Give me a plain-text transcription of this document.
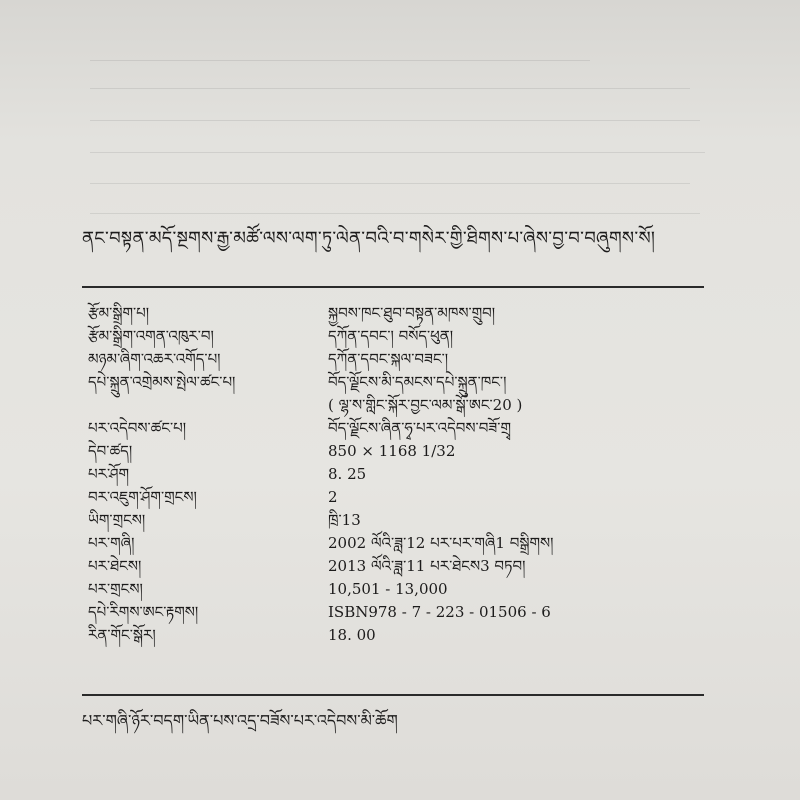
ནང་བསྟན་མདོ་སྔགས་རྒྱ་མཚོ་ལས་ལག་ཏུ་ལེན་བའི་བ་གསེར་གྱི་ཐིགས་པ་ཞེས་བྱ་བ་བཞུགས་སོ།
རྩོམ་སྒྲིག་པ།	སྐྱབས་ཁང་ཐུབ་བསྟན་མཁས་གྲུབ།
རྩོམ་སྒྲིག་འགན་འཁུར་བ།	དཀོན་དབང་། བསོད་ཕུན།
མཉམ་ཞིག་འཆར་འགོད་པ།	དཀོན་དབང་སྐལ་བཟང་།
དཔེ་སྐྲུན་འགྲེམས་སྤེལ་ཚང་པ།	བོད་ལྗོངས་མི་དམངས་དཔེ་སྐྲུན་ཁང་།
( ལྷ་ས་གླིང་སྐོར་བྱང་ལམ་སྒོ་ཨང་20 )
པར་འདེབས་ཚང་པ།	བོད་ལྗོངས་ཞིན་ཧྭ་པར་འདེབས་བཟོ་གྲྭ
དེབ་ཚད།	850 × 1168 1/32
པར་ཤོག	8. 25
བར་འཇུག་ཤོག་གྲངས།	2
ཡིག་གྲངས།	ཁྲི་13
པར་གཞི།	2002 ལོའི་ཟླ་12 པར་པར་གཞི1 བསྒྲིགས།
པར་ཐེངས།	2013 ལོའི་ཟླ་11 པར་ཐེངས3 བཏབ།
པར་གྲངས།	10,501 - 13,000
དཔེ་རིགས་ཨང་རྟགས།	ISBN978 - 7 - 223 - 01506 - 6
རིན་གོང་སྒོར།	18. 00
པར་གཞི་ཉོར་བདག་ཡིན་པས་འདྲ་བཟོས་པར་འདེབས་མི་ཆོག
